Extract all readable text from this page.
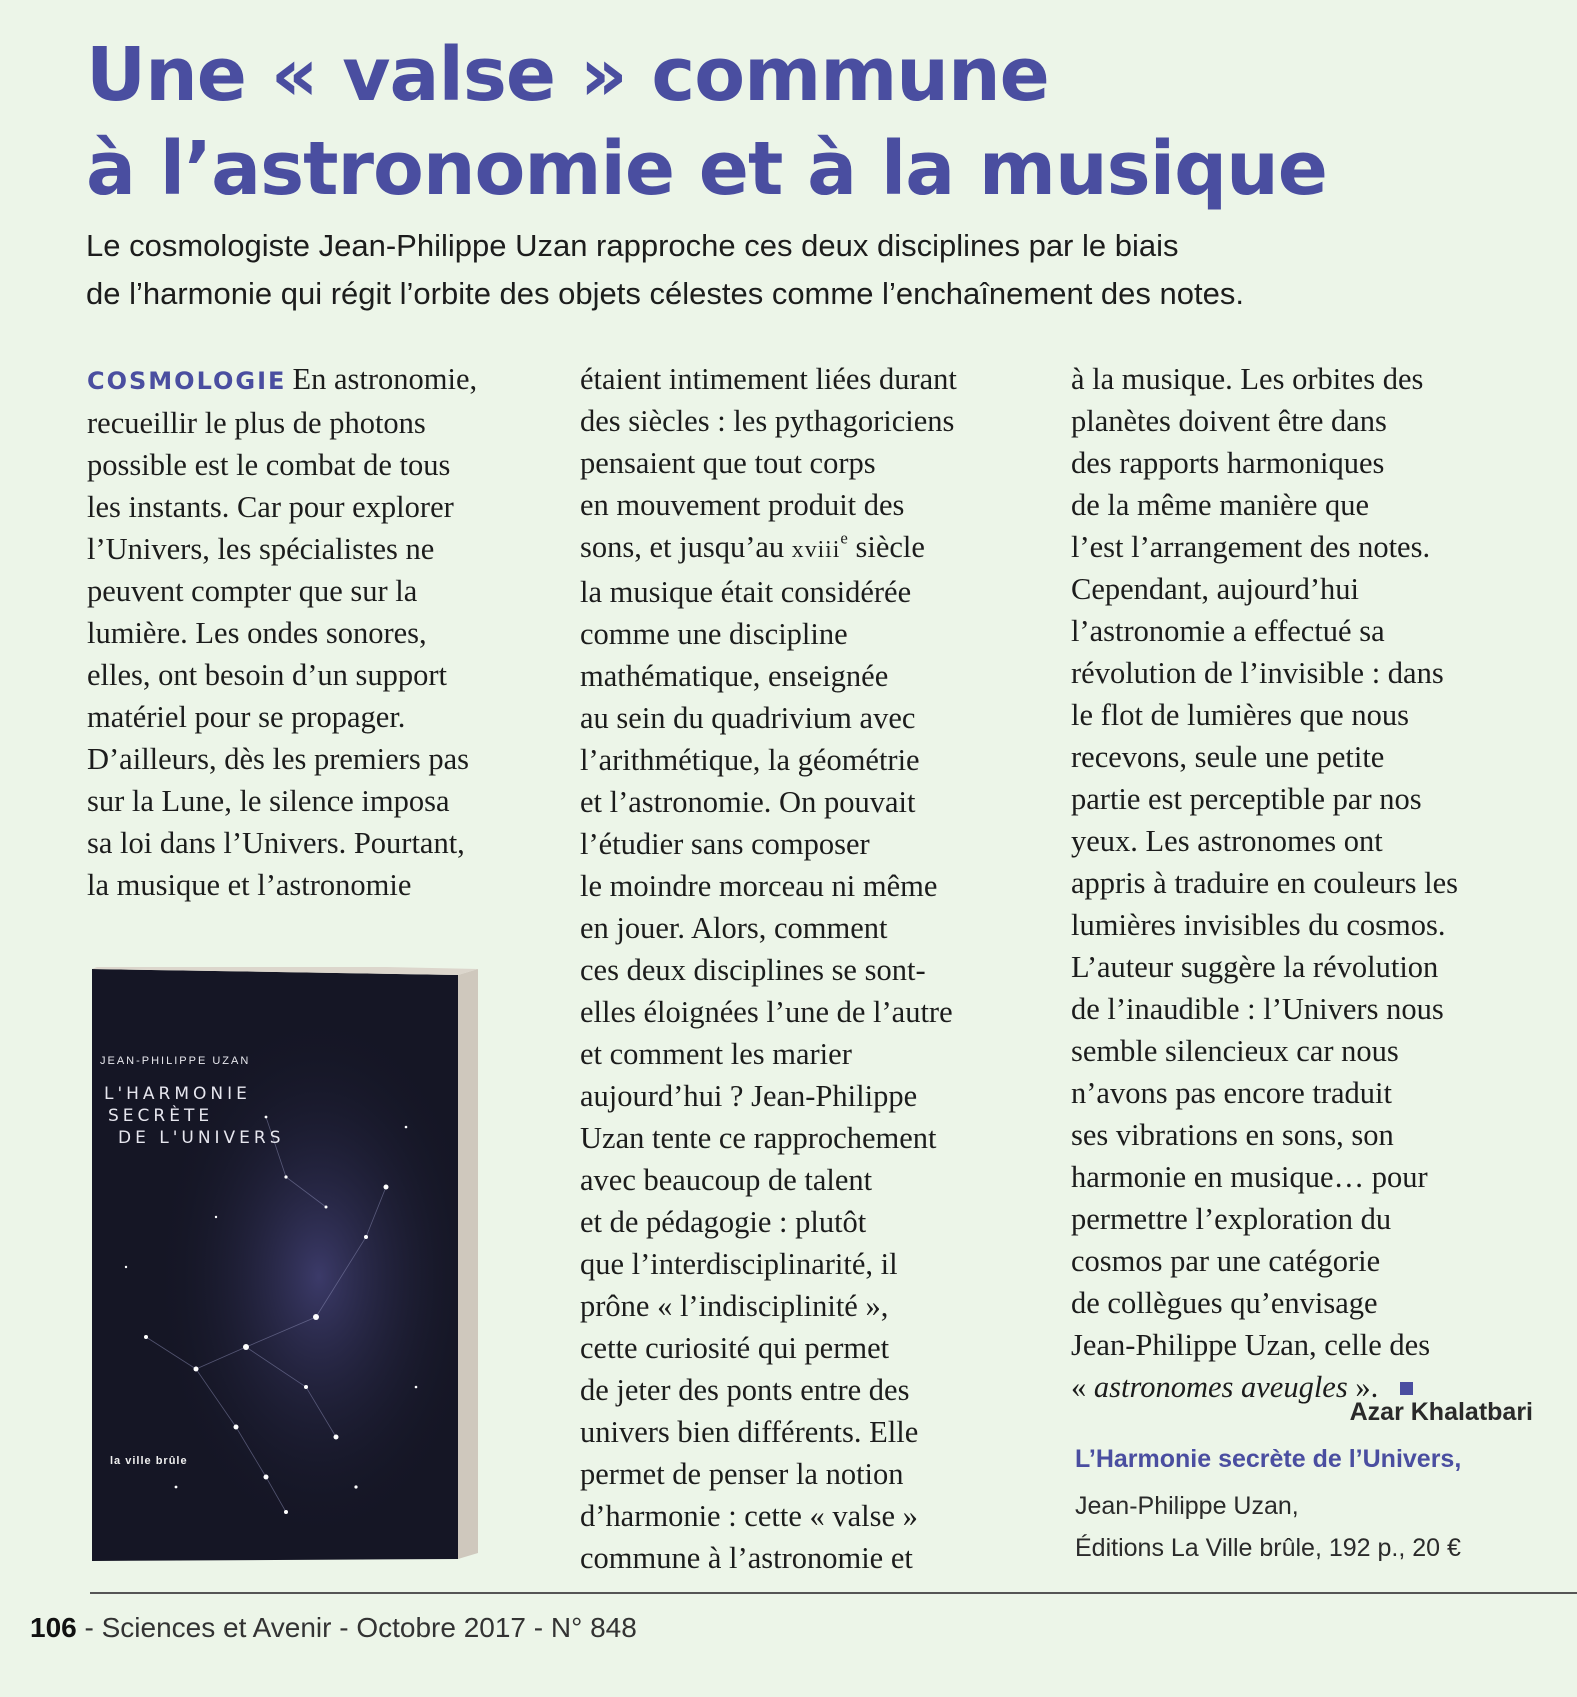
Une « valse » commune
à l’astronomie et à la musique

Le cosmologiste Jean-Philippe Uzan rapproche ces deux disciplines par le biais
de l’harmonie qui régit l’orbite des objets célestes comme l’enchaînement des notes.

COSMOLOGIE En astronomie,
recueillir le plus de photons
possible est le combat de tous
les instants. Car pour explorer
l’Univers, les spécialistes ne
peuvent compter que sur la
lumière. Les ondes sonores,
elles, ont besoin d’un support
matériel pour se propager.
D’ailleurs, dès les premiers pas
sur la Lune, le silence imposa
sa loi dans l’Univers. Pourtant,
la musique et l’astronomie
étaient intimement liées durant
des siècles : les pythagoriciens
pensaient que tout corps
en mouvement produit des
sons, et jusqu’au xviii$^e$ siècle
la musique était considérée
comme une discipline
mathématique, enseignée
au sein du quadrivium avec
l’arithmétique, la géométrie
et l’astronomie. On pouvait
l’étudier sans composer
le moindre morceau ni même
en jouer. Alors, comment
ces deux disciplines se sont-
elles éloignées l’une de l’autre
et comment les marier
aujourd’hui ? Jean-Philippe
Uzan tente ce rapprochement
avec beaucoup de talent
et de pédagogie : plutôt
que l’interdisciplinarité, il
prône « l’indisciplinité »,
cette curiosité qui permet
de jeter des ponts entre des
univers bien différents. Elle
permet de penser la notion
d’harmonie : cette « valse »
commune à l’astronomie et
à la musique. Les orbites des
planètes doivent être dans
des rapports harmoniques
de la même manière que
l’est l’arrangement des notes.
Cependant, aujourd’hui
l’astronomie a effectué sa
révolution de l’invisible : dans
le flot de lumières que nous
recevons, seule une petite
partie est perceptible par nos
yeux. Les astronomes ont
appris à traduire en couleurs les
lumières invisibles du cosmos.
L’auteur suggère la révolution
de l’inaudible : l’Univers nous
semble silencieux car nous
n’avons pas encore traduit
ses vibrations en sons, son
harmonie en musique… pour
permettre l’exploration du
cosmos par une catégorie
de collègues qu’envisage
Jean-Philippe Uzan, celle des
« astronomes aveugles ».
Azar Khalatbari
L’Harmonie secrète de l’Univers,
Jean-Philippe Uzan,
Éditions La Ville brûle, 192 p., 20 €
JEAN-PHILIPPE UZAN
L'HARMONIE
SECRÈTE
DE L'UNIVERS
la ville brûle
106 - Sciences et Avenir - Octobre 2017 - N° 848
